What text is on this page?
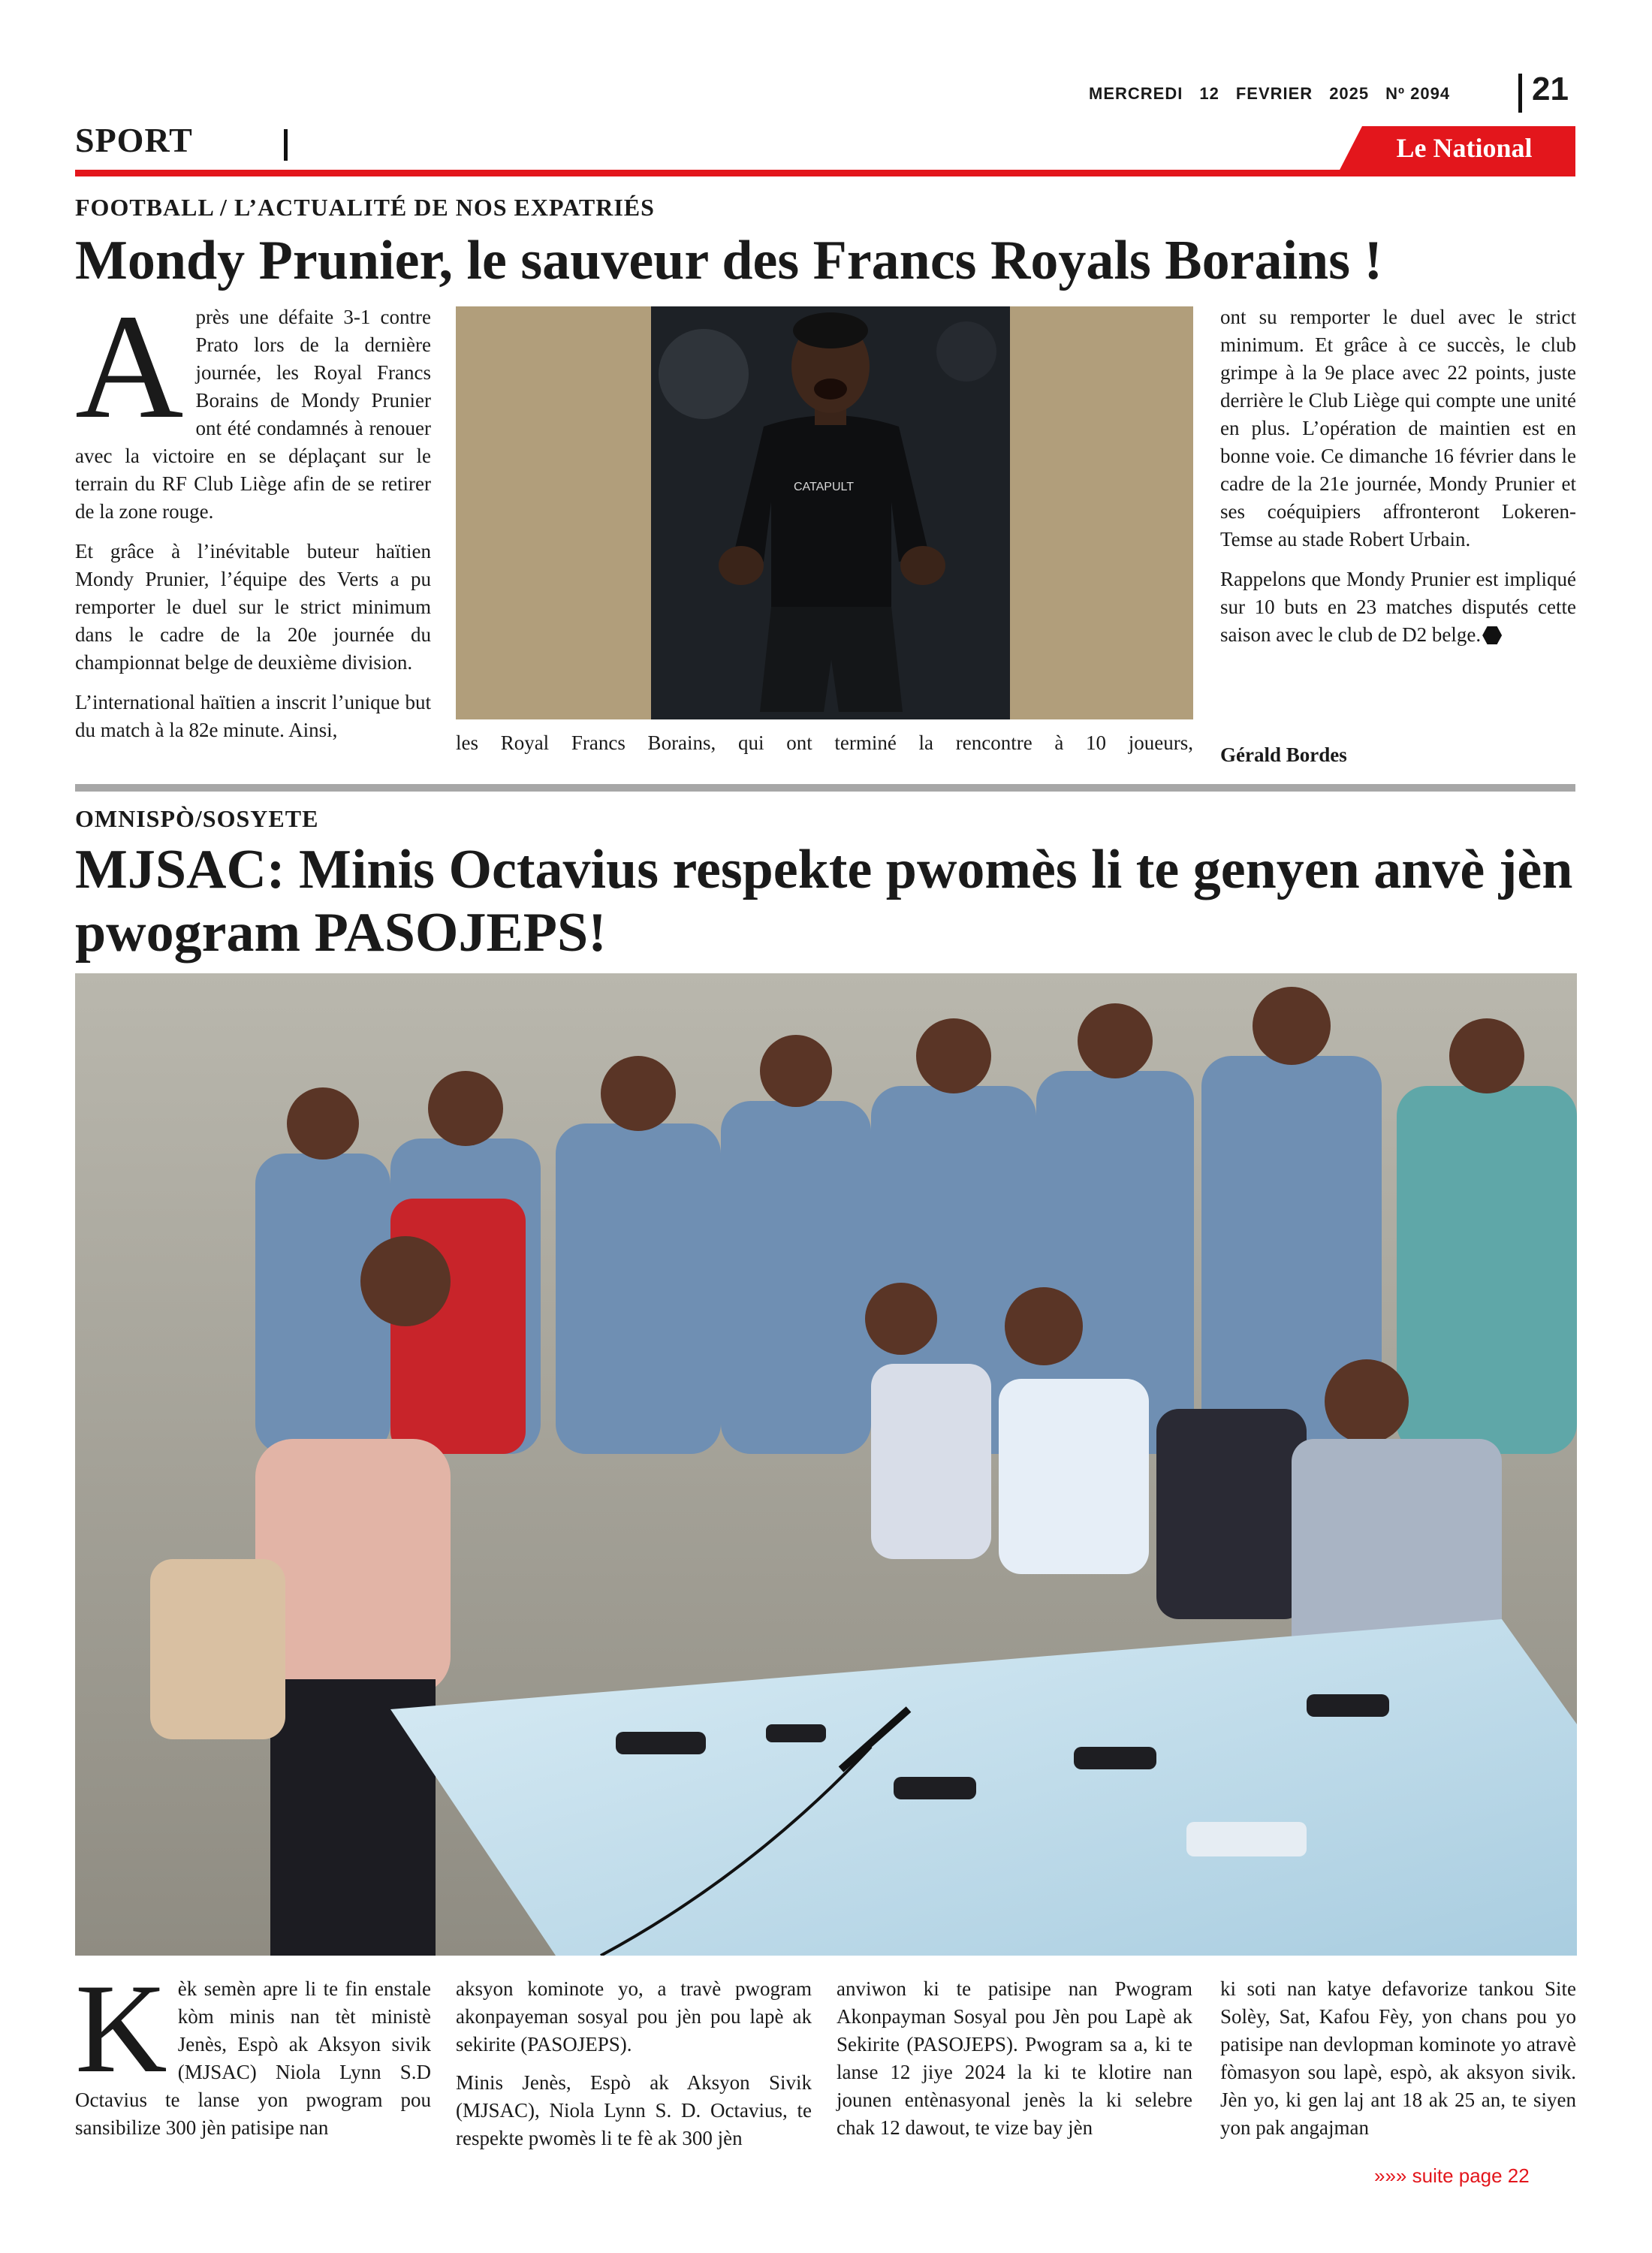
MERCREDI 12 FEVRIER 2025 Nº 2094 21
SPORT	Le National
FOOTBALL / L’ACTUALITÉ DE NOS EXPATRIÉS
Mondy Prunier, le sauveur des Francs Royals Borains !

Après une défaite 3-1 contre Prato lors de la dernière journée, les Royal Francs Borains de Mondy Prunier ont été condamnés à renouer avec la victoire en se déplaçant sur le terrain du RF Club Liège afin de se retirer de la zone rouge.

Et grâce à l’inévitable buteur haïtien Mondy Prunier, l’équipe des Verts a pu remporter le duel sur le strict minimum dans le cadre de la 20e journée du championnat belge de deuxième division.

L’international haïtien a inscrit l’unique but du match à la 82e minute. Ainsi,

CATAPULT
les Royal Francs Borains, qui ont terminé la rencontre à 10 joueurs,

ont su remporter le duel avec le strict minimum. Et grâce à ce succès, le club grimpe à la 9e place avec 22 points, juste derrière le Club Liège qui compte une unité en plus. L’opération de maintien est en bonne voie. Ce dimanche 16 février dans le cadre de la 21e journée, Mondy Prunier et ses coéquipiers affronteront Lokeren-Temse au stade Robert Urbain.

Rappelons que Mondy Prunier est impliqué sur 10 buts en 23 matches disputés cette saison avec le club de D2 belge.

Gérald Bordes
OMNISPÒ/SOSYETE
MJSAC: Minis Octavius respekte pwomès li te genyen anvè jèn pwogram PASOJEPS!

Kèk semèn apre li te fin enstale kòm minis nan tèt ministè Jenès, Espò ak Aksyon sivik (MJSAC) Niola Lynn S.D Octavius te lanse yon pwogram pou sansibilize 300 jèn patisipe nan

aksyon kominote yo, a travè pwogram akonpayeman sosyal pou jèn pou lapè ak sekirite (PASOJEPS).

Minis Jenès, Espò ak Aksyon Sivik (MJSAC), Niola Lynn S. D. Octavius, te respekte pwomès li te fè ak 300 jèn

anviwon ki te patisipe nan Pwogram Akonpayman Sosyal pou Jèn pou Lapè ak Sekirite (PASOJEPS). Pwogram sa a, ki te lanse 12 jiye 2024 la ki te klotire nan jounen entènasyonal jenès la ki selebre chak 12 dawout, te vize bay jèn

ki soti nan katye defavorize tankou Site Solèy, Sat, Kafou Fèy, yon chans pou yo patisipe nan devlopman kominote yo atravè fòmasyon sou lapè, espò, ak aksyon sivik. Jèn yo, ki gen laj ant 18 ak 25 an, te siyen yon pak angajman

»»» suite page 22
